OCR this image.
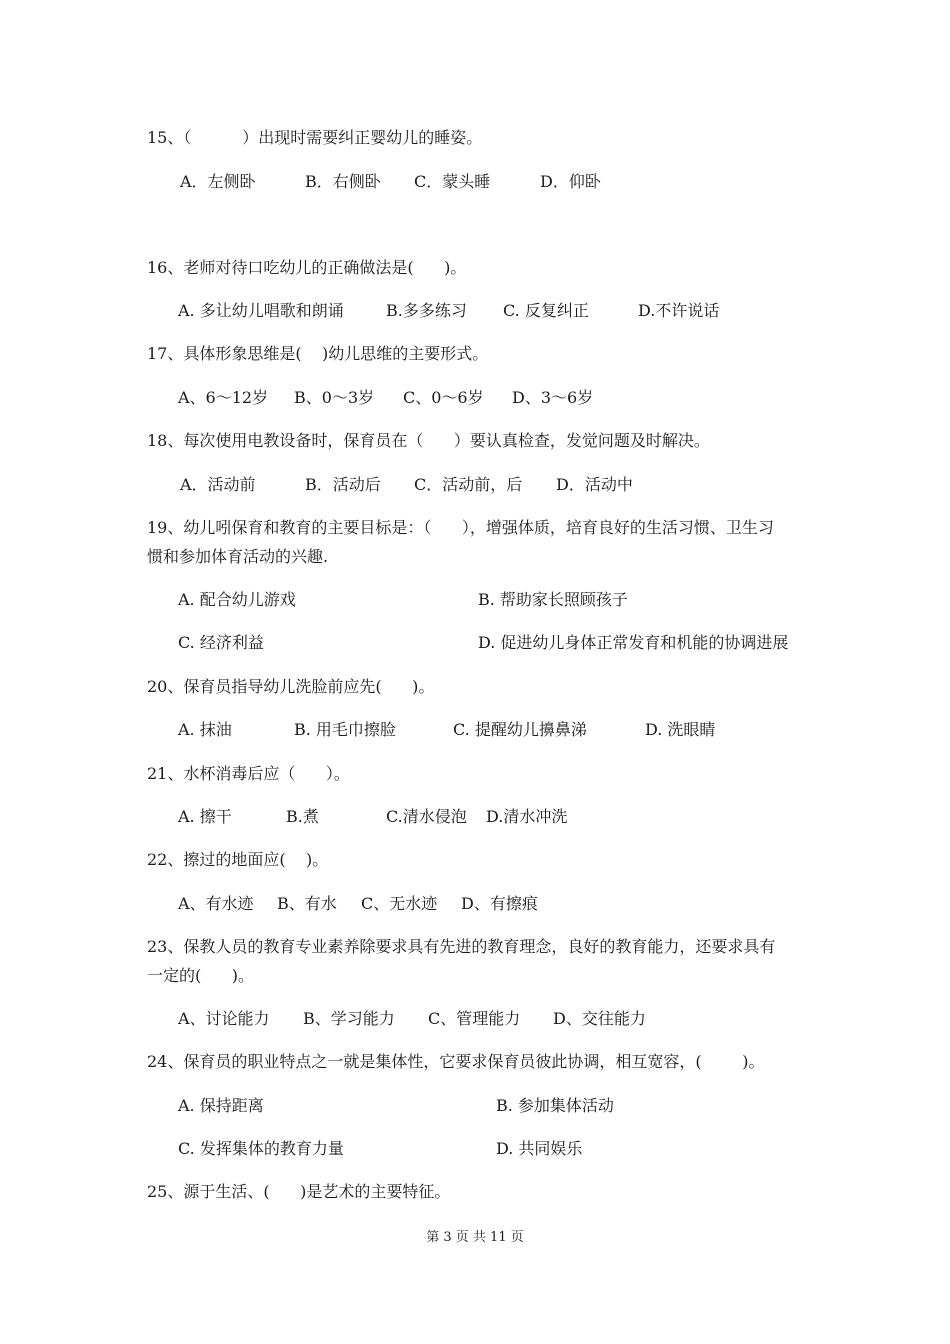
15、（          ）出现时需要纠正婴幼儿的睡姿。
A．左侧卧	B．右侧卧 C．蒙头睡	D．仰卧
16、老师对待口吃幼儿的正确做法是(      )。
A. 多让幼儿唱歌和朗诵	B.多多练习 C. 反复纠正	D.不许说话
17、具体形象思维是(    )幼儿思维的主要形式。
A、6～12岁 B、0～3岁 C、0～6岁 D、3～6岁
18、每次使用电教设备时，保育员在（      ）要认真检查，发觉问题及时解决。
A．活动前	B．活动后 C．活动前，后 D．活动中
19、幼儿吲保育和教育的主要目标是：（      ），增强体质，培育良好的生活习惯、卫生习
惯和参加体育活动的兴趣.
A. 配合幼儿游戏	B. 帮助家长照顾孩子
C. 经济利益	D. 促进幼儿身体正常发育和机能的协调进展
20、保育员指导幼儿洗脸前应先(      )。
A. 抹油	B. 用毛巾擦脸	C. 提醒幼儿擤鼻涕	D. 洗眼睛
21、水杯消毒后应（      ）。
A. 擦干	B.煮	C.清水侵泡 D.清水冲洗
22、擦过的地面应(    )。
A、有水迹 B、有水 C、无水迹 D、有擦痕
23、保教人员的教育专业素养除要求具有先进的教育理念，良好的教育能力，还要求具有
一定的(      )。
A、讨论能力 B、学习能力 C、管理能力 D、交往能力
24、保育员的职业特点之一就是集体性，它要求保育员彼此协调，相互宽容，(        )。
A. 保持距离	B. 参加集体活动
C. 发挥集体的教育力量	D. 共同娱乐
25、源于生活、(      )是艺术的主要特征。
第 3 页 共 11 页
